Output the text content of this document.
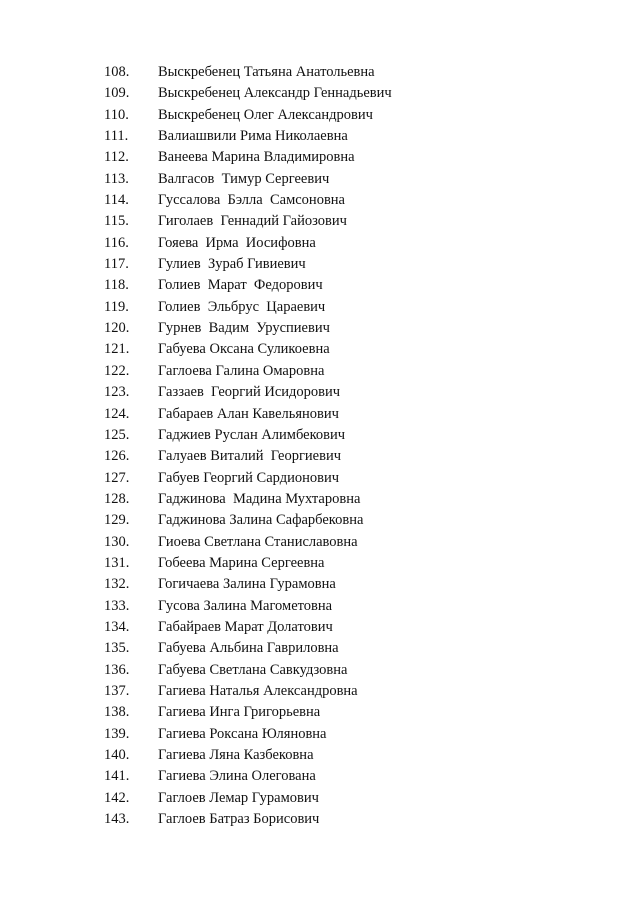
108. Выскребенец Татьяна Анатольевна
109. Выскребенец Александр Геннадьевич
110. Выскребенец Олег Александрович
111. Валиашвили Рима Николаевна
112. Ванеева Марина Владимировна
113. Валгасов  Тимур Сергеевич
114. Гуссалова  Бэлла  Самсоновна
115. Гиголаев  Геннадий Гайозович
116. Гояева  Ирма  Иосифовна
117. Гулиев  Зураб Гивиевич
118. Голиев  Марат  Федорович
119. Голиев  Эльбрус  Цараевич
120. Гурнев  Вадим  Уруспиевич
121. Габуева Оксана Суликоевна
122. Гаглоева Галина Омаровна
123. Газзаев  Георгий Исидорович
124. Габараев Алан Кавельянович
125. Гаджиев Руслан Алимбекович
126. Галуаев Виталий  Георгиевич
127. Габуев Георгий Сардионович
128. Гаджинова  Мадина Мухтаровна
129. Гаджинова Залина Сафарбековна
130. Гиоева Светлана Станиславовна
131. Гобеева Марина Сергеевна
132. Гогичаева Залина Гурамовна
133. Гусова Залина Магометовна
134. Габайраев Марат Долатович
135. Габуева Альбина Гавриловна
136. Габуева Светлана Савкудзовна
137. Гагиева Наталья Александровна
138. Гагиева Инга Григорьевна
139. Гагиева Роксана Юляновна
140. Гагиева Ляна Казбековна
141. Гагиева Элина Олегована
142. Гаглоев Лемар Гурамович
143. Гаглоев Батраз Борисович
